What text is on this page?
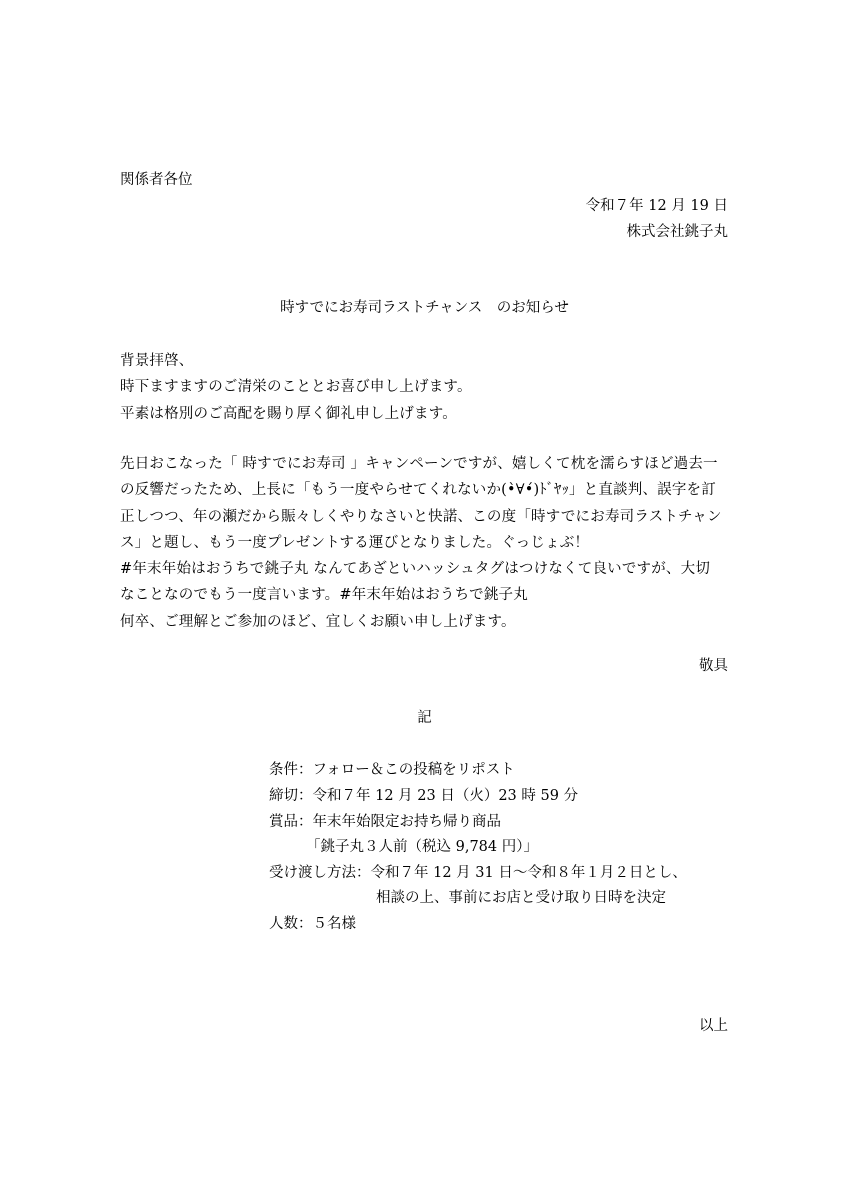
関係者各位
令和７年 12 月 19 日
株式会社銚子丸
時すでにお寿司ラストチャンス　のお知らせ
背景拝啓、
時下ますますのご清栄のこととお喜び申し上げます。
平素は格別のご高配を賜り厚く御礼申し上げます。
先日おこなった「 時すでにお寿司 」キャンペーンですが、嬉しくて枕を濡らすほど過去一
の反響だったため、上長に「もう一度やらせてくれないか(•̀∀•́)ﾄﾞﾔｯ」と直談判、誤字を訂
正しつつ、年の瀬だから賑々しくやりなさいと快諾、この度「時すでにお寿司ラストチャン
ス」と題し、もう一度プレゼントする運びとなりました。ぐっじょぶ！
#年末年始はおうちで銚子丸 なんてあざといハッシュタグはつけなくて良いですが、大切
なことなのでもう一度言います。#年末年始はおうちで銚子丸
何卒、ご理解とご参加のほど、宜しくお願い申し上げます。
敬具
記
条件：フォロー＆この投稿をリポスト
締切：令和７年 12 月 23 日（火）23 時 59 分
賞品：年末年始限定お持ち帰り商品
「銚子丸３人前（税込 9,784 円）」
受け渡し方法：令和７年 12 月 31 日～令和８年１月２日とし、
相談の上、事前にお店と受け取り日時を決定
人数：５名様
以上
